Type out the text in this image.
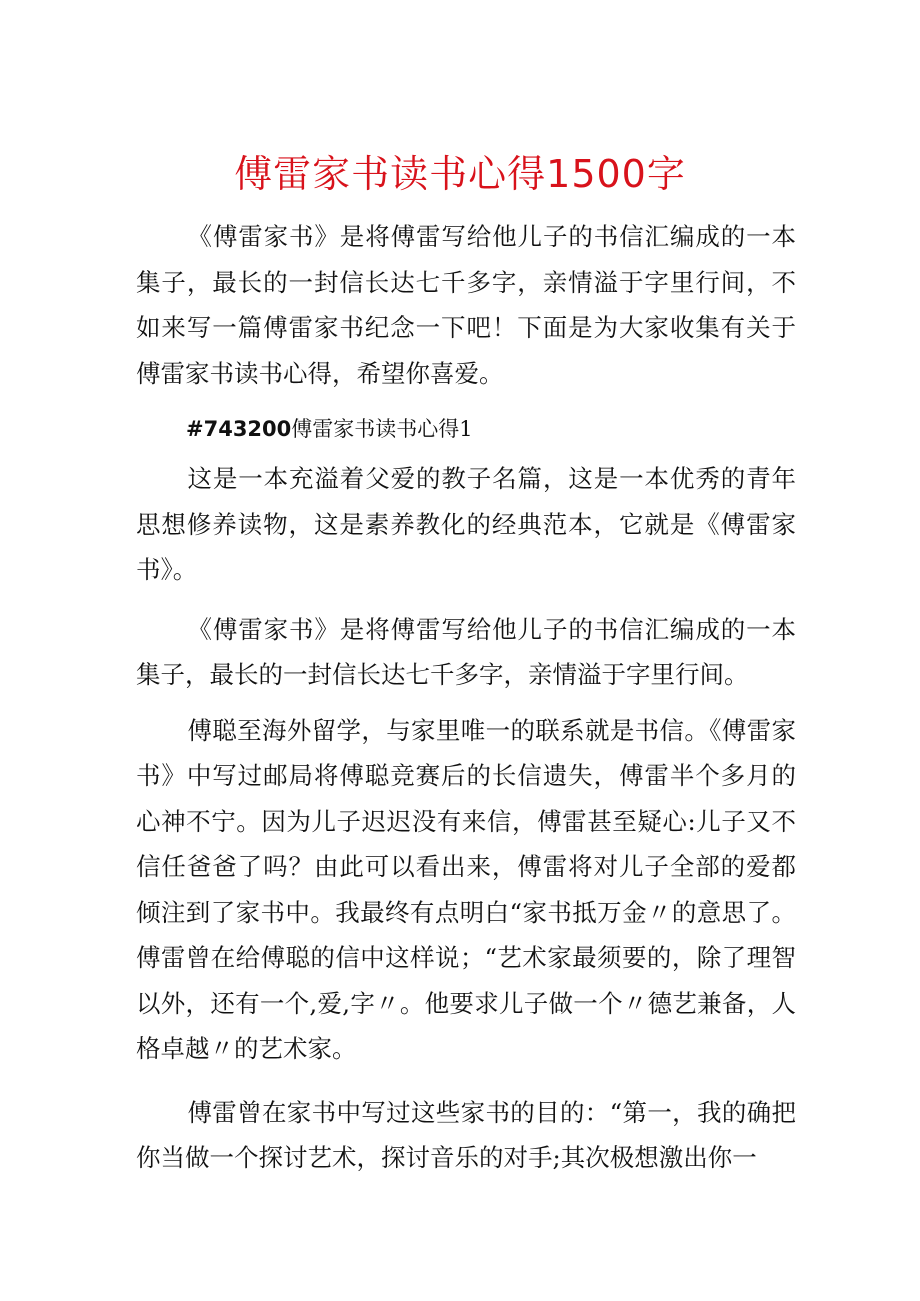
傅雷家书读书心得1500字

《傅雷家书》是将傅雷写给他儿子的书信汇编成的一本集子，最长的一封信长达七千多字，亲情溢于字里行间，不如来写一篇傅雷家书纪念一下吧！下面是为大家收集有关于傅雷家书读书心得，希望你喜爱。

#743200傅雷家书读书心得1

这是一本充溢着父爱的教子名篇，这是一本优秀的青年思想修养读物，这是素养教化的经典范本，它就是《傅雷家书》。

《傅雷家书》是将傅雷写给他儿子的书信汇编成的一本集子，最长的一封信长达七千多字，亲情溢于字里行间。

傅聪至海外留学，与家里唯一的联系就是书信。《傅雷家书》中写过邮局将傅聪竞赛后的长信遗失，傅雷半个多月的心神不宁。因为儿子迟迟没有来信，傅雷甚至疑心:儿子又不信任爸爸了吗？由此可以看出来，傅雷将对儿子全部的爱都倾注到了家书中。我最终有点明白“家书抵万金〃的意思了。傅雷曾在给傅聪的信中这样说；“艺术家最须要的，除了理智以外，还有一个,爱,字〃。他要求儿子做一个〃德艺兼备，人格卓越〃的艺术家。

傅雷曾在家书中写过这些家书的目的：“第一，我的确把你当做一个探讨艺术，探讨音乐的对手;其次极想激出你一
